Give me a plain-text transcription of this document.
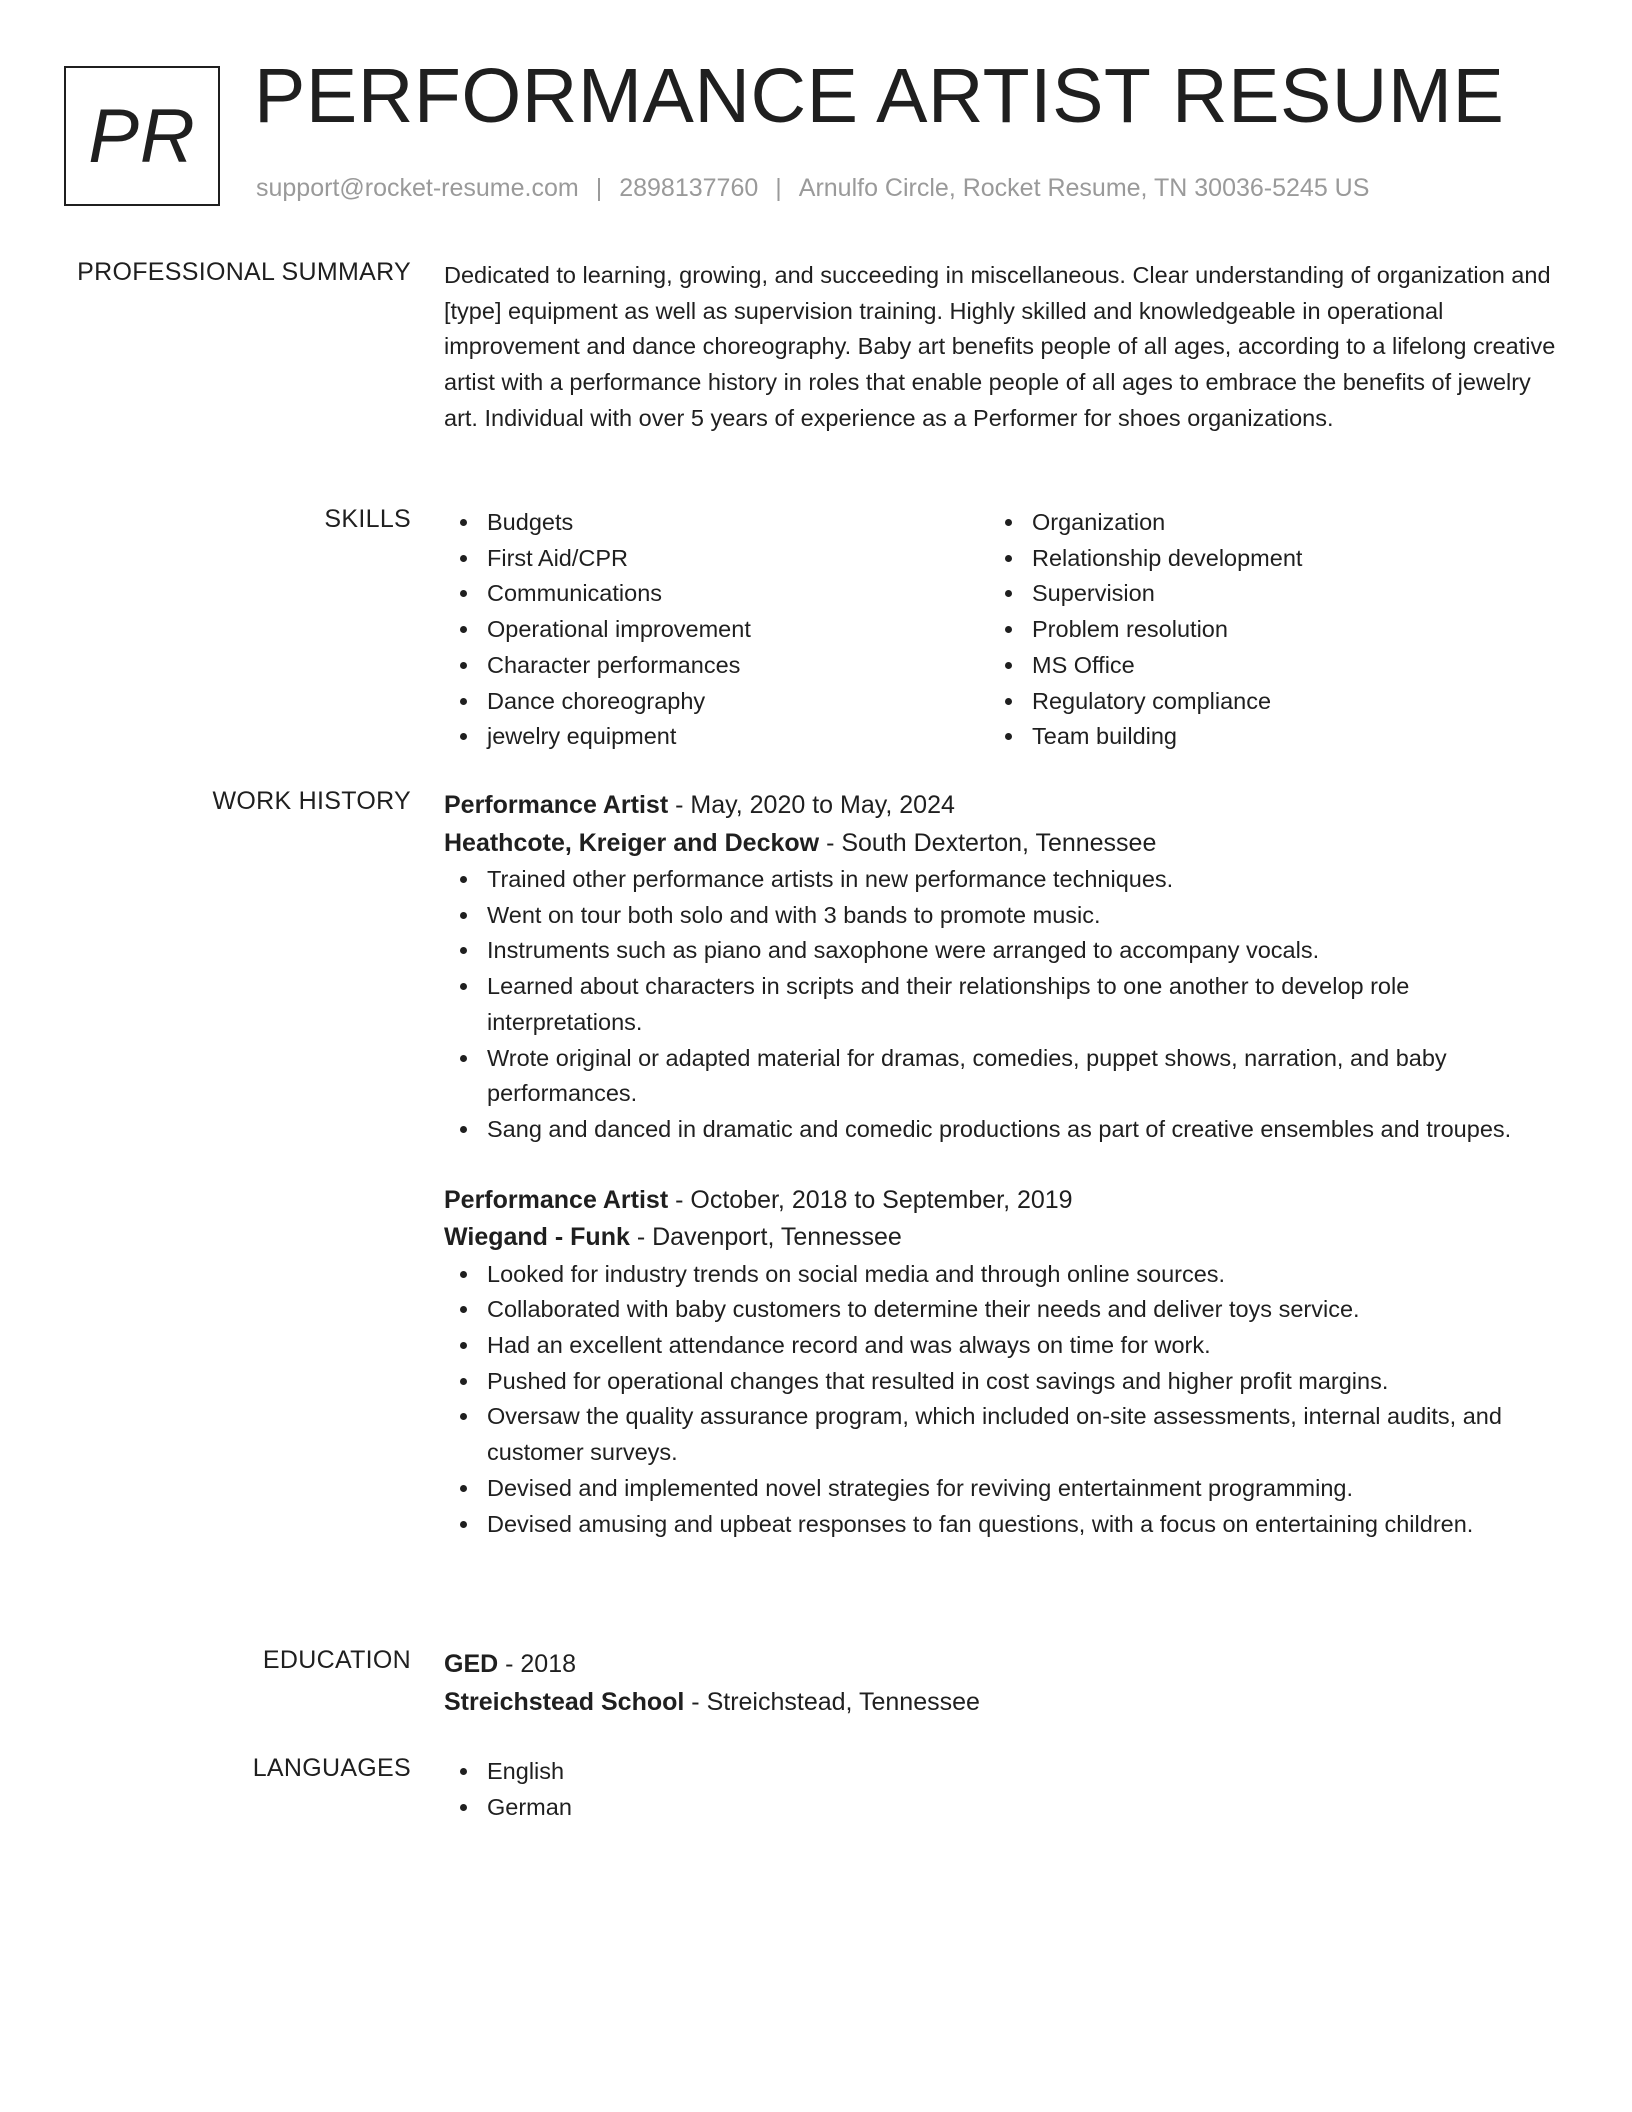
PR PERFORMANCE ARTIST RESUME
support@rocket-resume.com | 2898137760 | Arnulfo Circle, Rocket Resume, TN 30036-5245 US
PROFESSIONAL SUMMARY Dedicated to learning, growing, and succeeding in miscellaneous. Clear understanding of organization and [type] equipment as well as supervision training. Highly skilled and knowledgeable in operational improvement and dance choreography. Baby art benefits people of all ages, according to a lifelong creative artist with a performance history in roles that enable people of all ages to embrace the benefits of jewelry art. Individual with over 5 years of experience as a Performer for shoes organizations.

SKILLS	Budgets
First Aid/CPR
Communications
Operational improvement
Character performances
Dance choreography
jewelry equipment
Organization
Relationship development
Supervision
Problem resolution
MS Office
Regulatory compliance
Team building
WORK HISTORY Performance Artist - May, 2020 to May, 2024
Heathcote, Kreiger and Deckow - South Dexterton, Tennessee
Trained other performance artists in new performance techniques.
Went on tour both solo and with 3 bands to promote music.
Instruments such as piano and saxophone were arranged to accompany vocals.
Learned about characters in scripts and their relationships to one another to develop role interpretations.
Wrote original or adapted material for dramas, comedies, puppet shows, narration, and baby performances.
Sang and danced in dramatic and comedic productions as part of creative ensembles and troupes.
Performance Artist - October, 2018 to September, 2019
Wiegand - Funk - Davenport, Tennessee
Looked for industry trends on social media and through online sources.
Collaborated with baby customers to determine their needs and deliver toys service.
Had an excellent attendance record and was always on time for work.
Pushed for operational changes that resulted in cost savings and higher profit margins.
Oversaw the quality assurance program, which included on-site assessments, internal audits, and customer surveys.
Devised and implemented novel strategies for reviving entertainment programming.
Devised amusing and upbeat responses to fan questions, with a focus on entertaining children.
EDUCATION GED - 2018
Streichstead School - Streichstead, Tennessee
LANGUAGES	English
German
